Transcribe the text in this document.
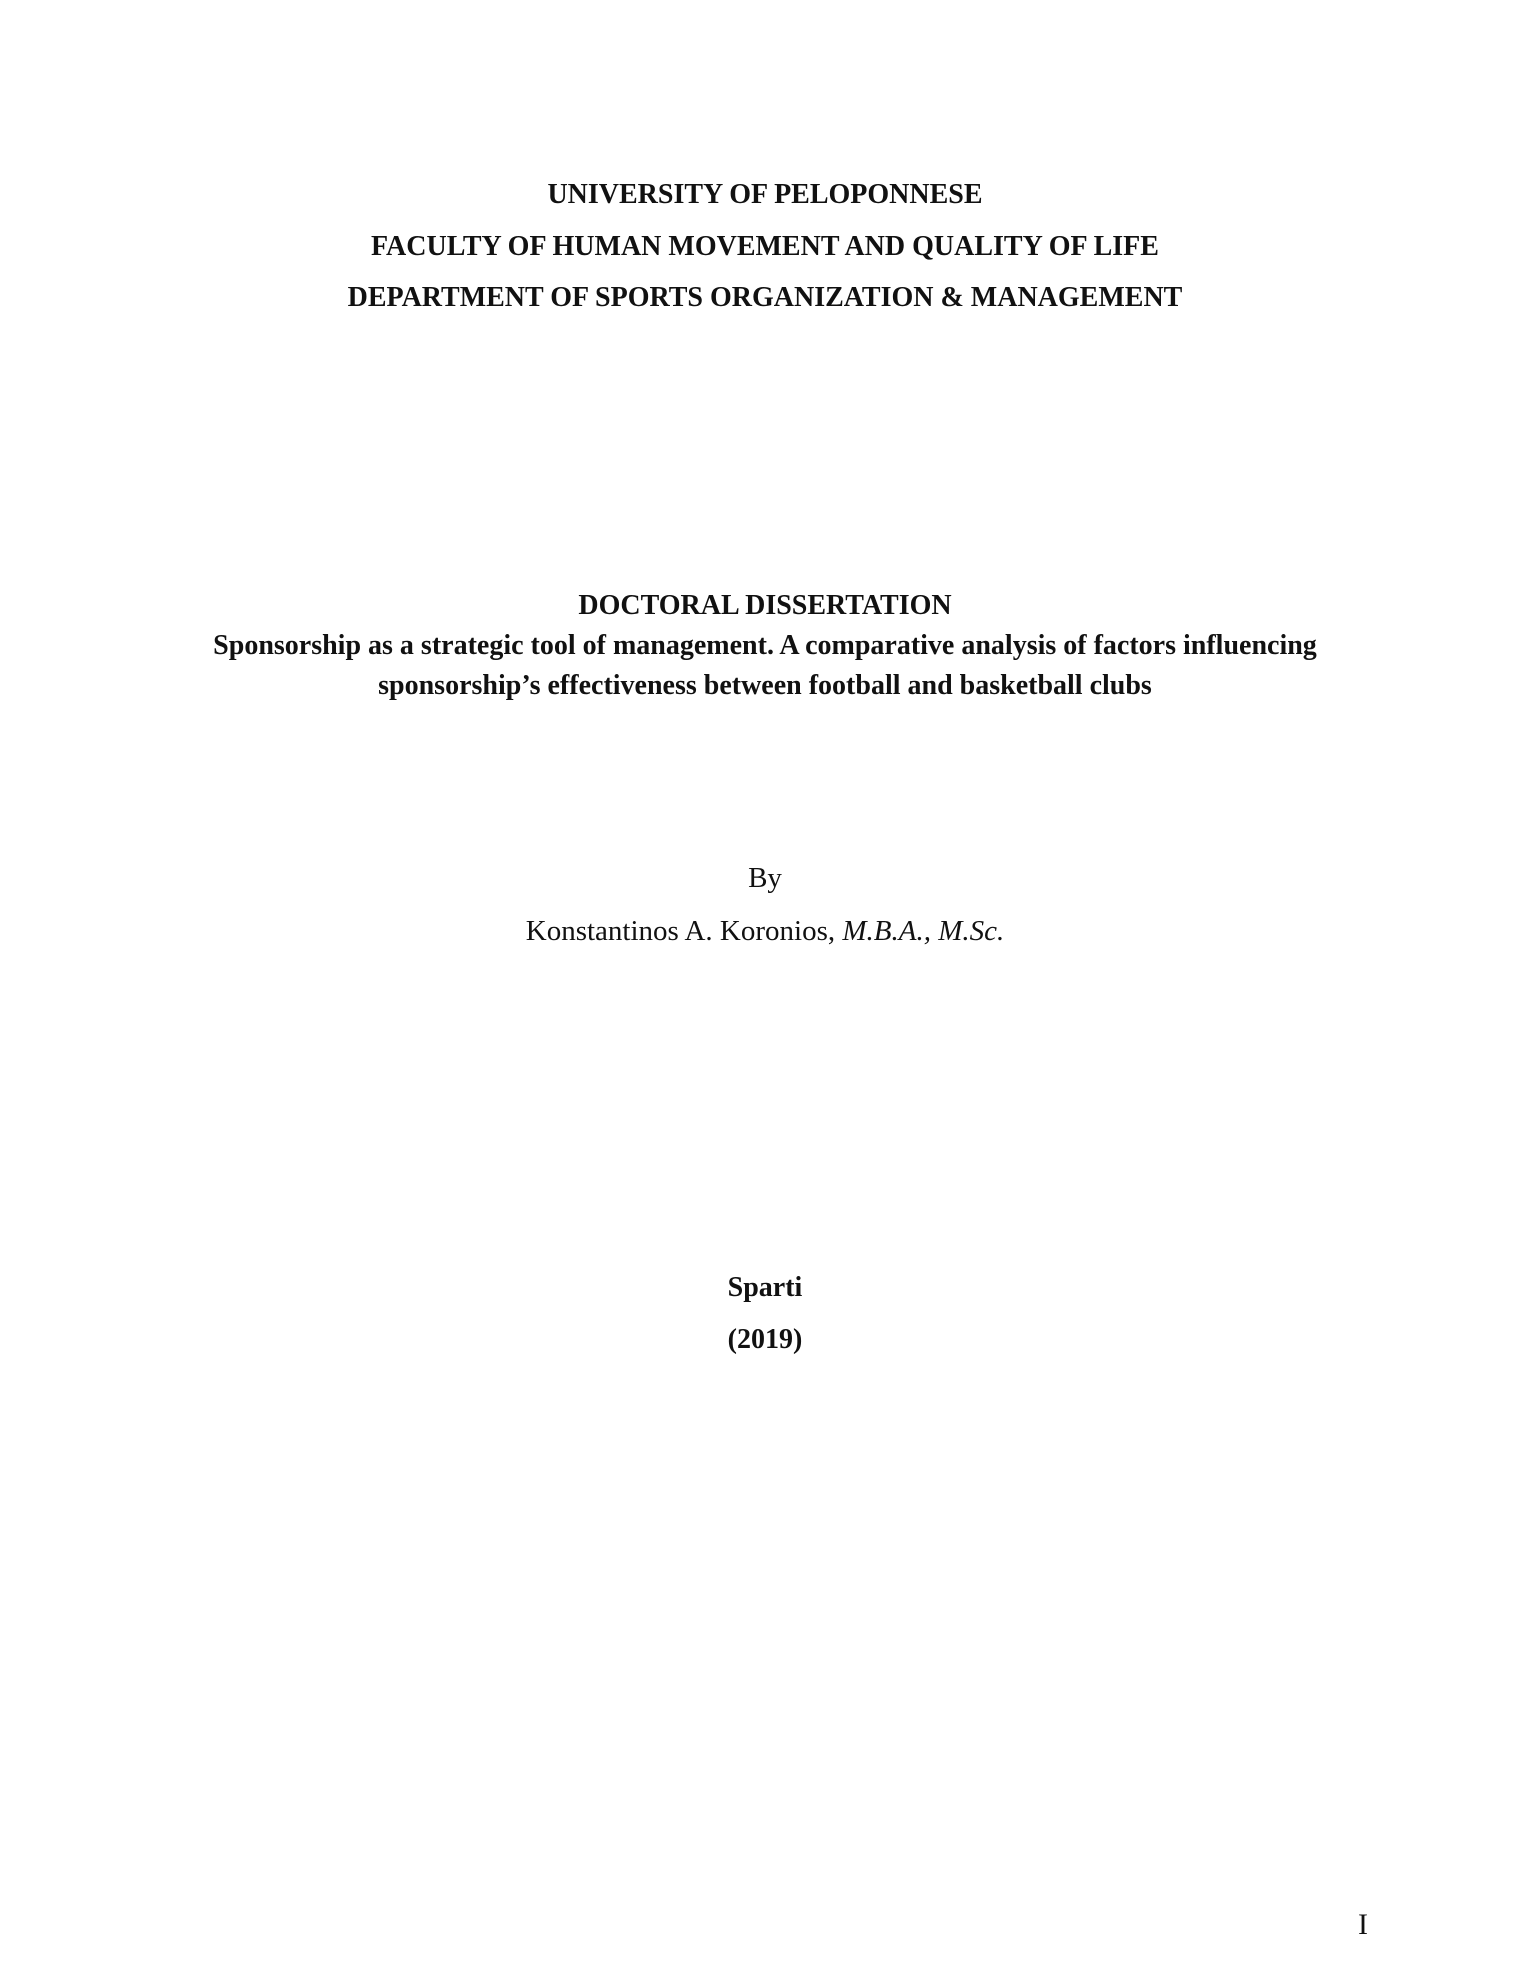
UNIVERSITY OF PELOPONNESE

FACULTY OF HUMAN MOVEMENT AND QUALITY OF LIFE

DEPARTMENT OF SPORTS ORGANIZATION & MANAGEMENT

DOCTORAL DISSERTATION

Sponsorship as a strategic tool of management. A comparative analysis of factors influencing

sponsorship’s effectiveness between football and basketball clubs

By

Konstantinos A. Koronios, M.B.A., M.Sc.

Sparti

(2019)

I
